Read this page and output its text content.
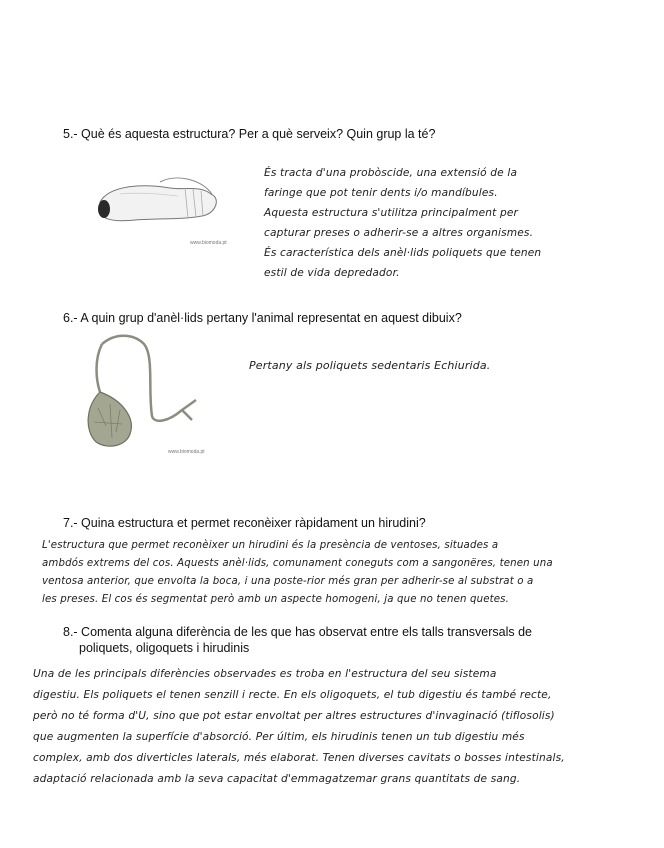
5.- Què és aquesta estructura? Per a què serveix? Quin grup la té?
www.biomoda.pt
És tracta d'una probòscide, una extensió de la
faringe que pot tenir dents i/o mandíbules.
Aquesta estructura s'utilitza principalment per
capturar preses o adherir-se a altres organismes.
És característica dels anèl·lids poliquets que tenen
estil de vida depredador.
6.- A quin grup d'anèl·lids pertany l'animal representat en aquest dibuix?
www.biomoda.pt
Pertany als poliquets sedentaris Echiurida.
7.- Quina estructura et permet reconèixer ràpidament un hirudini?
L'estructura que permet reconèixer un hirudini és la presència de ventoses, situades a
ambdós extrems del cos. Aquests anèl·lids, comunament coneguts com a sangonëres, tenen una
ventosa anterior, que envolta la boca, i una poste-rior més gran per adherir-se al substrat o a
les preses. El cos és segmentat però amb un aspecte homogeni, ja que no tenen quetes.
8.- Comenta alguna diferència de les que has observat entre els talls transversals de
poliquets, oligoquets i hirudinis
Una de les principals diferències observades es troba en l'estructura del seu sistema
digestiu. Els poliquets el tenen senzill i recte. En els oligoquets, el tub digestiu és també recte,
però no té forma d'U, sino que pot estar envoltat per altres estructures d'invaginació (tiflosolis)
que augmenten la superfície d'absorció. Per últim, els hirudinis tenen un tub digestiu més
complex, amb dos diverticles laterals, més elaborat. Tenen diverses cavitats o bosses intestinals,
adaptació relacionada amb la seva capacitat d'emmagatzemar grans quantitats de sang.
